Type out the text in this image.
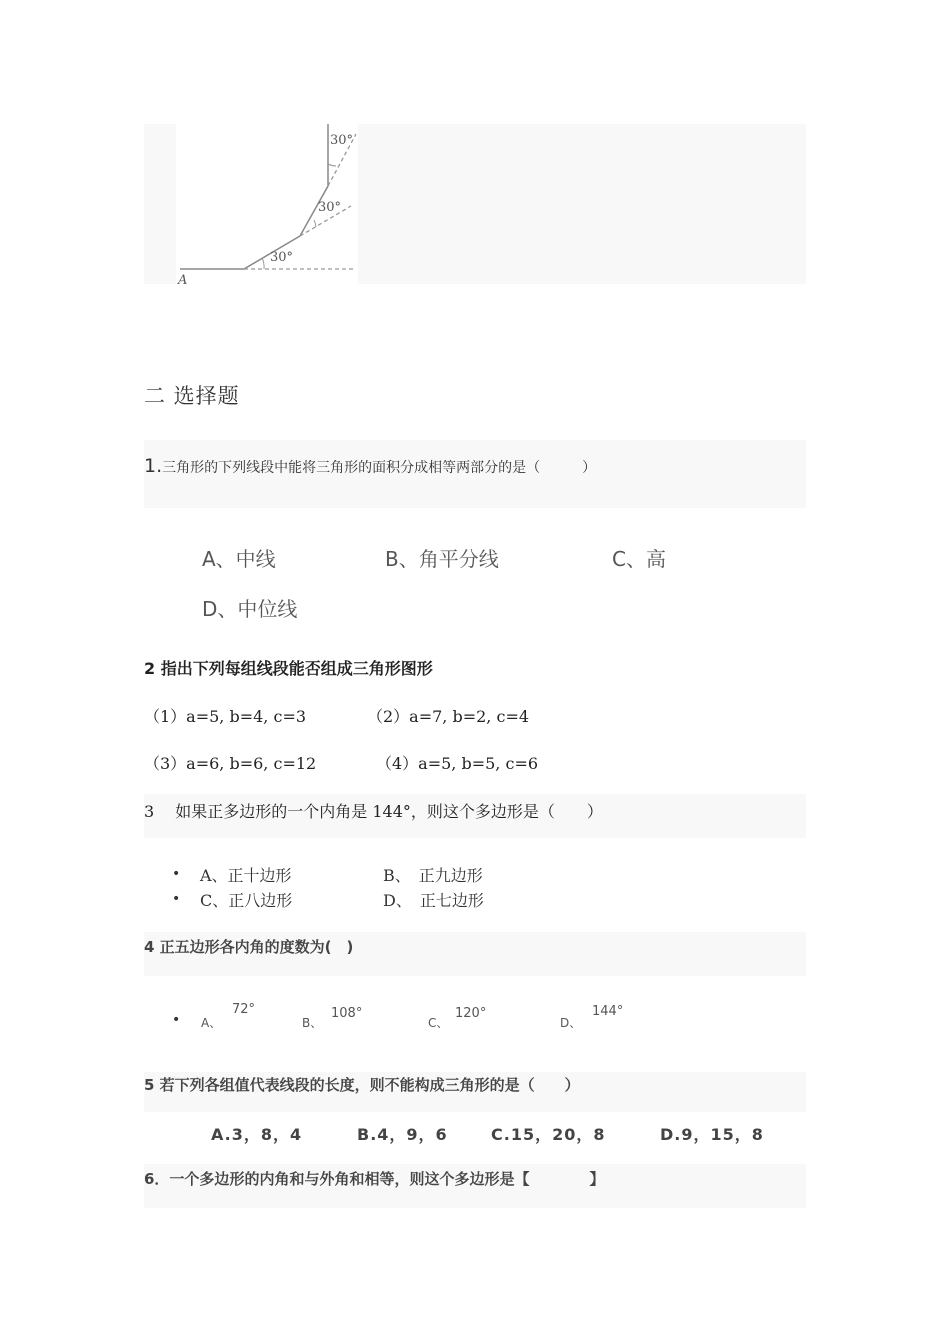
30°
30°
30°
A
二 选择题
1.三角形的下列线段中能将三角形的面积分成相等两部分的是（　　　）
A、中线	B、角平分线	C、高
D、中位线
2 指出下列每组线段能否组成三角形图形
（1）a=5, b=4, c=3	（2）a=7, b=2, c=4
（3）a=6, b=6, c=12	（4）a=5, b=5, c=6
3　 如果正多边形的一个内角是 144°，则这个多边形是（　　）
• A、正十边形	B、　正九边形
• C、正八边形	D、　正七边形
4 正五边形各内角的度数为(　)
• A、
72°
B、
108°
C、
120°
D、
144°
5 若下列各组值代表线段的长度，则不能构成三角形的是（　　）
A.3，8，4	B.4，9，6	C.15，20，8	D.9，15，8
6．一个多边形的内角和与外角和相等，则这个多边形是【　　　　】
